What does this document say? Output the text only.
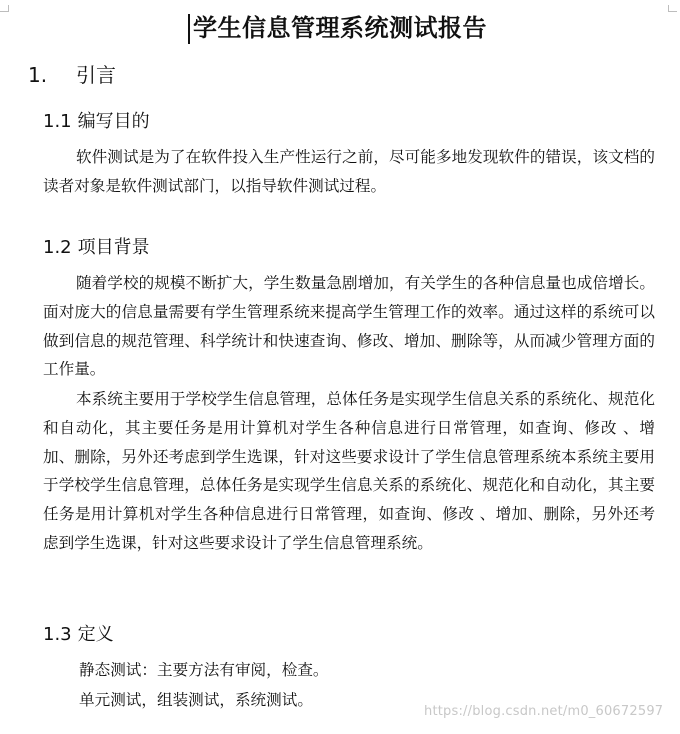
学生信息管理系统测试报告
1. 引言
1.1 编写目的

软件测试是为了在软件投入生产性运行之前，尽可能多地发现软件的错误，该文档的读者对象是软件测试部门，以指导软件测试过程。

1.2 项目背景

随着学校的规模不断扩大，学生数量急剧增加，有关学生的各种信息量也成倍增长。面对庞大的信息量需要有学生管理系统来提高学生管理工作的效率。通过这样的系统可以做到信息的规范管理、科学统计和快速查询、修改、增加、删除等，从而减少管理方面的工作量。

本系统主要用于学校学生信息管理，总体任务是实现学生信息关系的系统化、规范化和自动化，其主要任务是用计算机对学生各种信息进行日常管理，如查询、修改 、增加、删除，另外还考虑到学生选课，针对这些要求设计了学生信息管理系统本系统主要用于学校学生信息管理，总体任务是实现学生信息关系的系统化、规范化和自动化，其主要任务是用计算机对学生各种信息进行日常管理，如查询、修改 、增加、删除，另外还考虑到学生选课，针对这些要求设计了学生信息管理系统。

1.3 定义

静态测试：主要方法有审阅，检查。

单元测试，组装测试，系统测试。

https://blog.csdn.net/m0_60672597
